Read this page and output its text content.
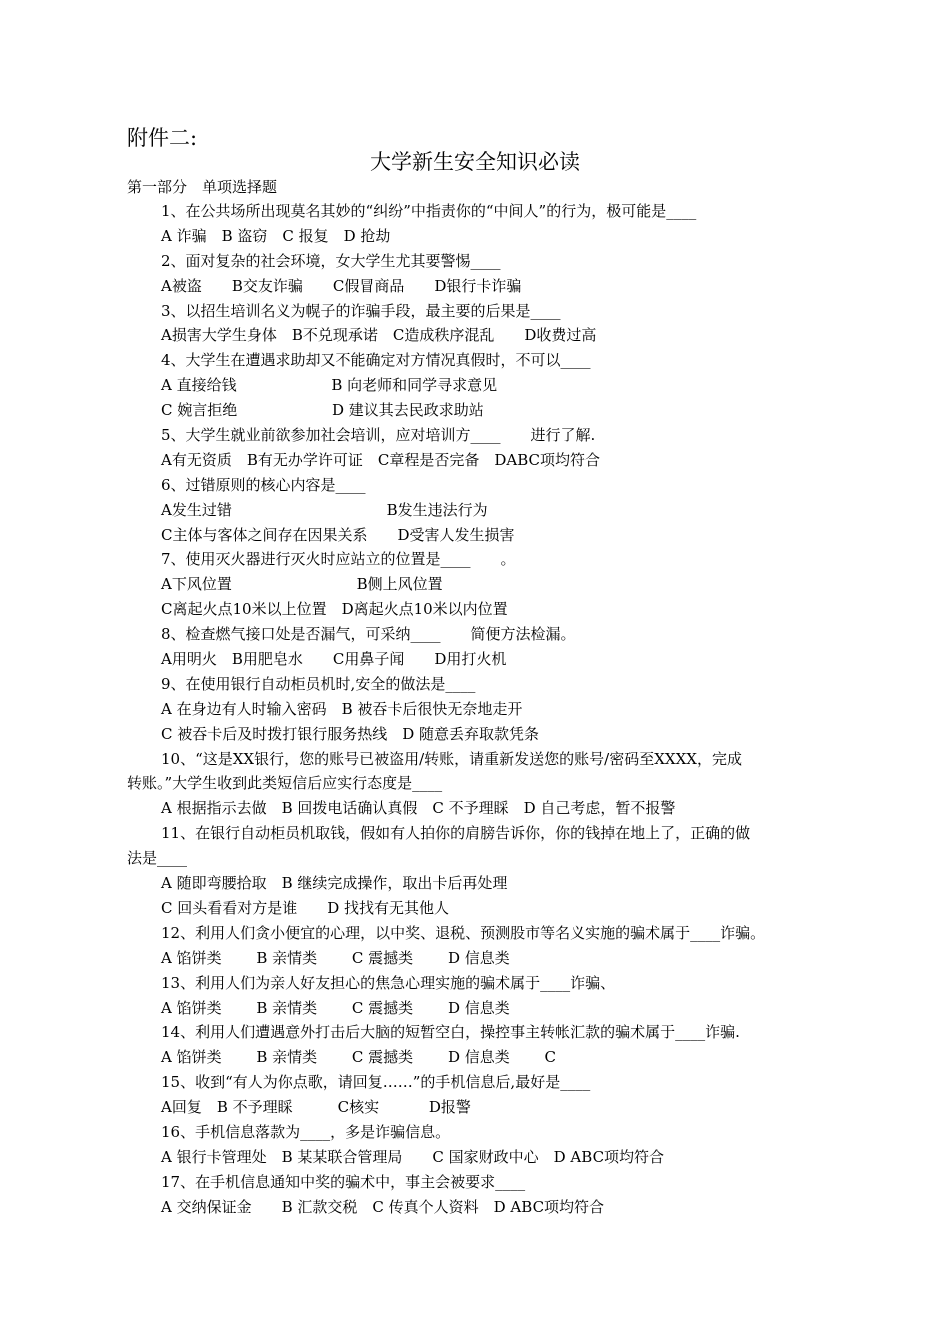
附件二:
大学新生安全知识必读
第一部分　单项选择题
1、在公共场所出现莫名其妙的“纠纷”中指责你的“中间人”的行为，极可能是____
A 诈骗　B 盗窃　C 报复　D 抢劫
2、面对复杂的社会环境，女大学生尤其要警惕____
A被盗　　B交友诈骗　　C假冒商品　　D银行卡诈骗
3、以招生培训名义为幌子的诈骗手段，最主要的后果是____
A损害大学生身体　B不兑现承诺　C造成秩序混乱　　D收费过高
4、大学生在遭遇求助却又不能确定对方情况真假时，不可以____
A 直接给钱　　　　　　 B 向老师和同学寻求意见
C 婉言拒绝　　　　　　 D 建议其去民政求助站
5、大学生就业前欲参加社会培训，应对培训方____　　进行了解.
A有无资质　B有无办学许可证　C章程是否完备　DABC项均符合
6、过错原则的核心内容是____
A发生过错　　　　　　　　　　 B发生违法行为
C主体与客体之间存在因果关系　　D受害人发生损害
7、使用灭火器进行灭火时应站立的位置是____　　。
A下风位置　　　　　　　　 B侧上风位置
C离起火点10米以上位置　D离起火点10米以内位置
8、检查燃气接口处是否漏气，可采纳____　　简便方法检漏。
A用明火　B用肥皂水　　C用鼻子闻　　D用打火机
9、在使用银行自动柜员机时,安全的做法是____
A 在身边有人时输入密码　B 被吞卡后很快无奈地走开
C 被吞卡后及时拨打银行服务热线　D 随意丢弃取款凭条
10、“这是XX银行，您的账号已被盗用/转账，请重新发送您的账号/密码至XXXX，完成
转账。”大学生收到此类短信后应实行态度是____
A 根据指示去做　B 回拨电话确认真假　C 不予理睬　D 自己考虑，暂不报警
11、在银行自动柜员机取钱，假如有人拍你的肩膀告诉你，你的钱掉在地上了，正确的做
法是____
A 随即弯腰拾取　B 继续完成操作，取出卡后再处理
C 回头看看对方是谁　　D 找找有无其他人
12、利用人们贪小便宜的心理，以中奖、退税、预测股市等名义实施的骗术属于____诈骗。
A 馅饼类　　 B 亲情类　　 C 震撼类　　 D 信息类
13、利用人们为亲人好友担心的焦急心理实施的骗术属于____诈骗、
A 馅饼类　　 B 亲情类　　 C 震撼类　　 D 信息类
14、利用人们遭遇意外打击后大脑的短暂空白，操控事主转帐汇款的骗术属于____诈骗.
A 馅饼类　　 B 亲情类　　 C 震撼类　　 D 信息类　　 C
15、收到“有人为你点歌，请回复……”的手机信息后,最好是____
A回复　B 不予理睬　　　C核实　　　 D报警
16、手机信息落款为____，多是诈骗信息。
A 银行卡管理处　B 某某联合管理局　　C 国家财政中心　D ABC项均符合
17、在手机信息通知中奖的骗术中，事主会被要求____
A 交纳保证金　　B 汇款交税　C 传真个人资料　D ABC项均符合
